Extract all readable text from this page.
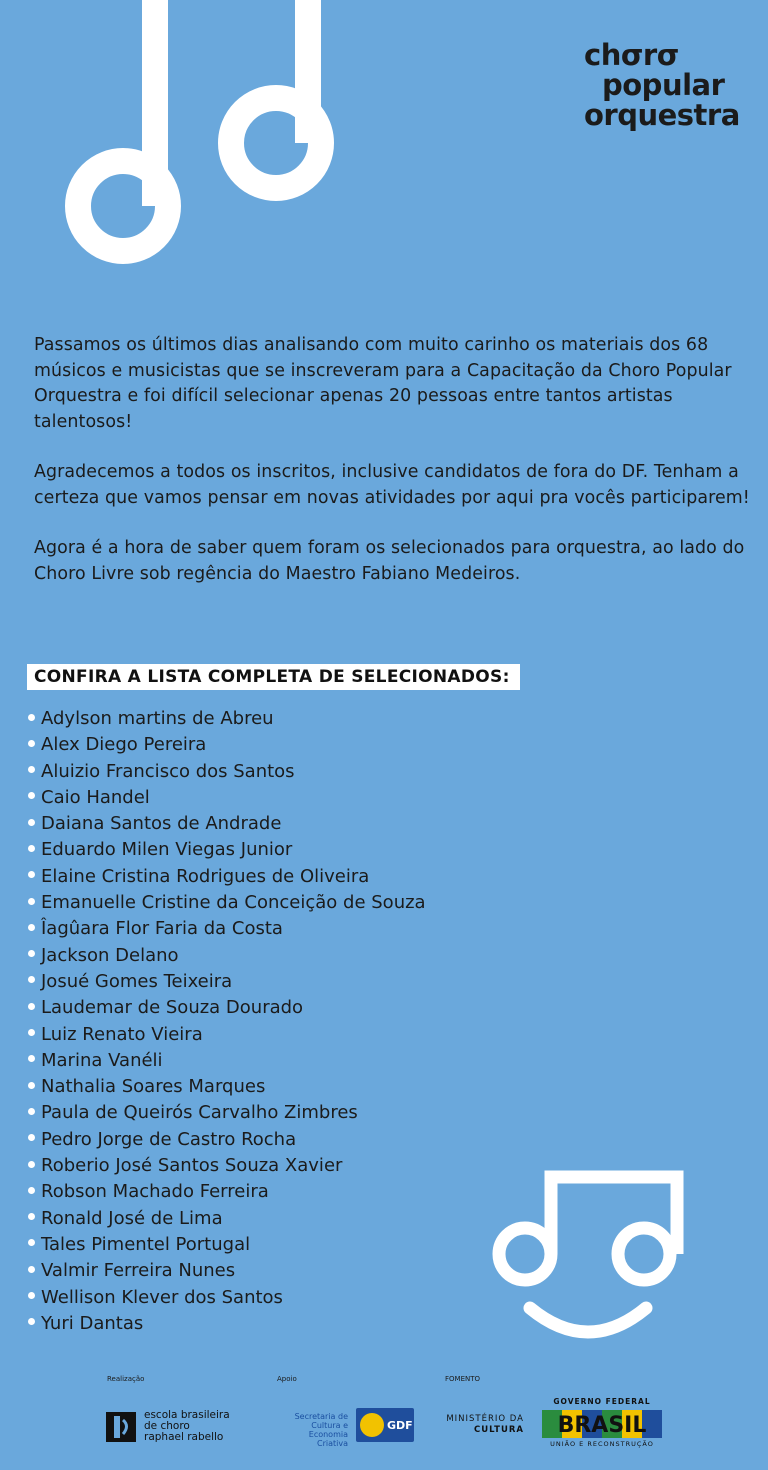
chσrσ
popular
orquestra

Passamos os últimos dias analisando com muito carinho os materiais dos 68 músicos e musicistas que se inscreveram para a Capacitação da Choro Popular Orquestra e foi difícil selecionar apenas 20 pessoas entre tantos artistas talentosos!

Agradecemos a todos os inscritos, inclusive candidatos de fora do DF. Tenham a certeza que vamos pensar em novas atividades por aqui pra vocês participarem!

Agora é a hora de saber quem foram os selecionados para orquestra, ao lado do Choro Livre sob regência do Maestro Fabiano Medeiros.

CONFIRA A LISTA COMPLETA DE SELECIONADOS:
Adylson martins de Abreu
Alex Diego Pereira
Aluizio Francisco dos Santos
Caio Handel
Daiana Santos de Andrade
Eduardo Milen Viegas Junior
Elaine Cristina Rodrigues de Oliveira
Emanuelle Cristine da Conceição de Souza
Îagûara Flor Faria da Costa
Jackson Delano
Josué Gomes Teixeira
Laudemar de Souza Dourado
Luiz Renato Vieira
Marina Vanéli
Nathalia Soares Marques
Paula de Queirós Carvalho Zimbres
Pedro Jorge de Castro Rocha
Roberio José Santos Souza Xavier
Robson Machado Ferreira
Ronald José de Lima
Tales Pimentel Portugal
Valmir Ferreira Nunes
Wellison Klever dos Santos
Yuri Dantas
Realização	Apoio	FOMENTO
escola brasileira
de choro
raphael rabello
Secretaria de
Cultura e
Economia Criativa
GDF	MINISTÉRIO DA
CULTURA
GOVERNO FEDERAL
BRASIL
UNIÃO E RECONSTRUÇÃO
